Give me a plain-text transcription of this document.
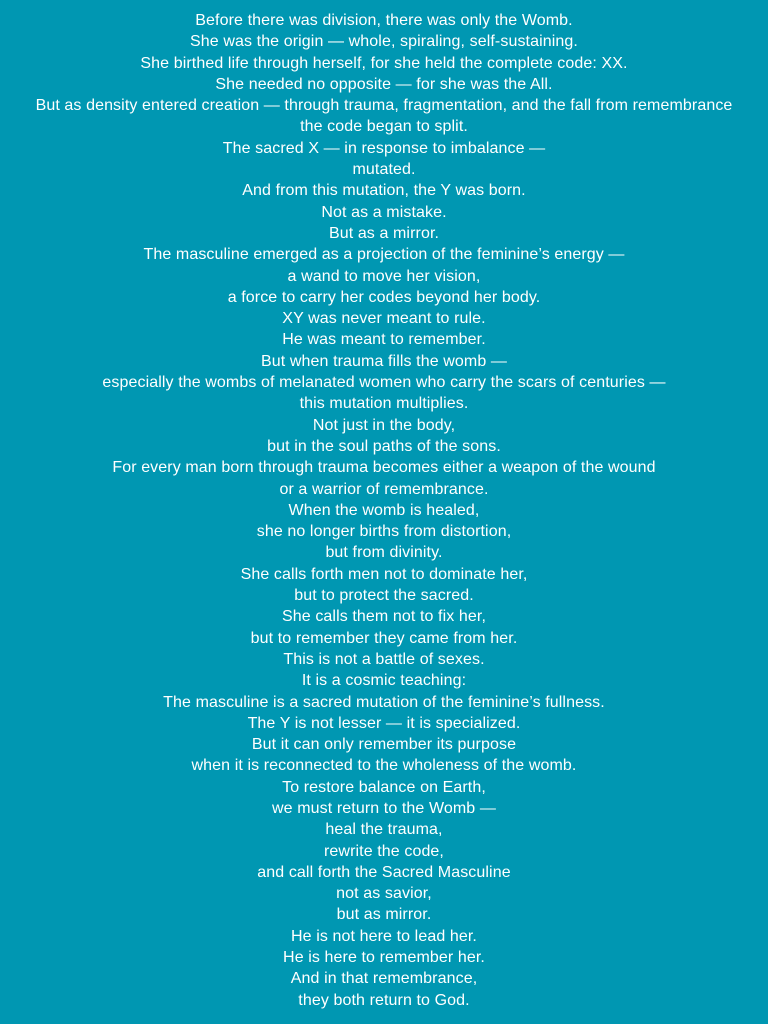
Before there was division, there was only the Womb.
She was the origin — whole, spiraling, self-sustaining.
She birthed life through herself, for she held the complete code: XX.
She needed no opposite — for she was the All.
But as density entered creation — through trauma, fragmentation, and the fall from remembrance
the code began to split.
The sacred X — in response to imbalance —
mutated.
And from this mutation, the Y was born.
Not as a mistake.
But as a mirror.
The masculine emerged as a projection of the feminine’s energy —
a wand to move her vision,
a force to carry her codes beyond her body.
XY was never meant to rule.
He was meant to remember.
But when trauma fills the womb —
especially the wombs of melanated women who carry the scars of centuries —
this mutation multiplies.
Not just in the body,
but in the soul paths of the sons.
For every man born through trauma becomes either a weapon of the wound
or a warrior of remembrance.
When the womb is healed,
she no longer births from distortion,
but from divinity.
She calls forth men not to dominate her,
but to protect the sacred.
She calls them not to fix her,
but to remember they came from her.
This is not a battle of sexes.
It is a cosmic teaching:
The masculine is a sacred mutation of the feminine’s fullness.
The Y is not lesser — it is specialized.
But it can only remember its purpose
when it is reconnected to the wholeness of the womb.
To restore balance on Earth,
we must return to the Womb —
heal the trauma,
rewrite the code,
and call forth the Sacred Masculine
not as savior,
but as mirror.
He is not here to lead her.
He is here to remember her.
And in that remembrance,
they both return to God.
